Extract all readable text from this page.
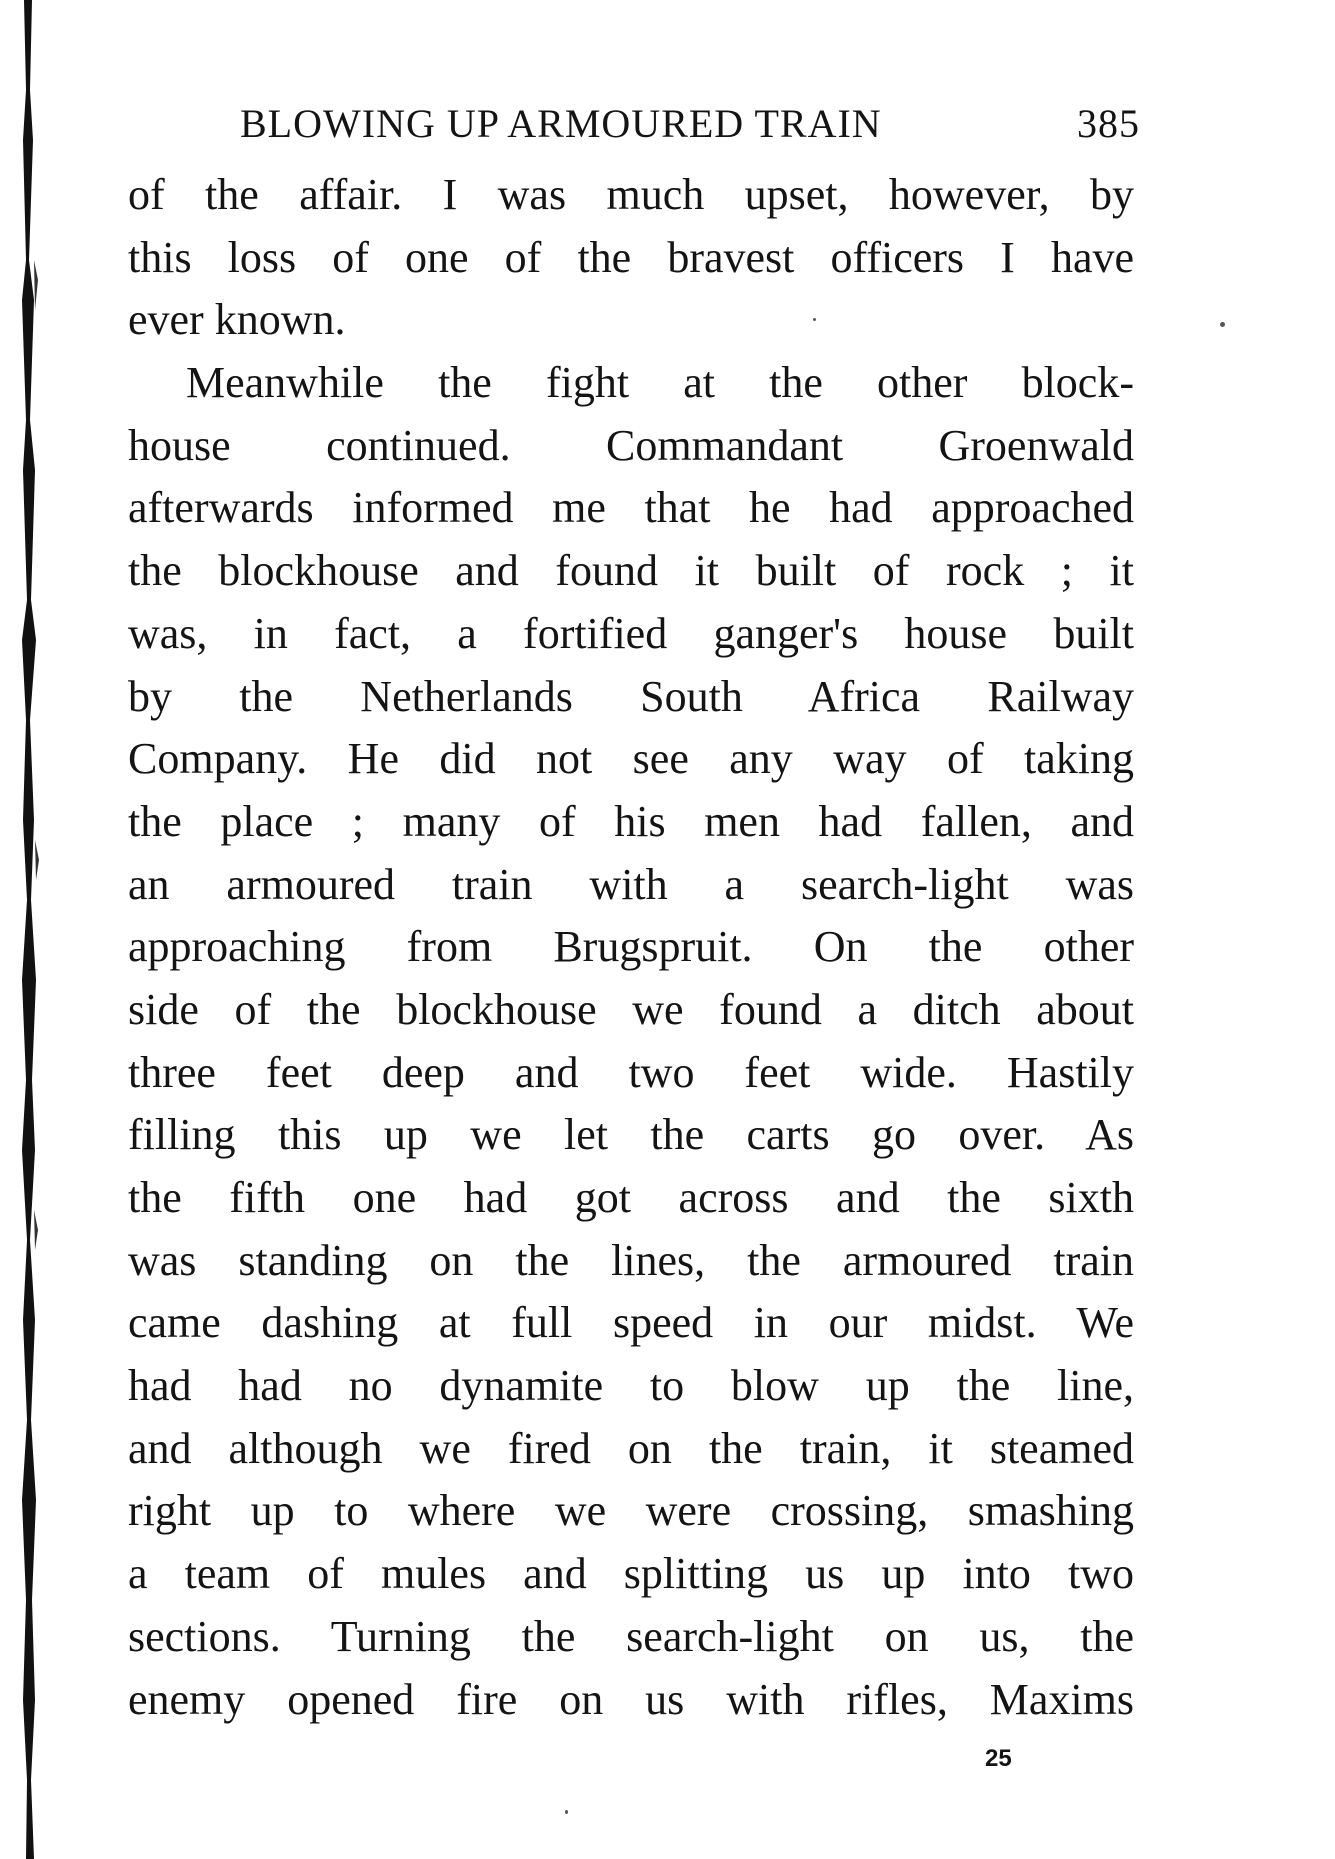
BLOWING UP ARMOURED TRAIN	385
of the affair. I was much upset, however, by
this loss of one of the bravest officers I have
ever known.
Meanwhile the fight at the other block-
house continued. Commandant Groenwald
afterwards informed me that he had approached
the blockhouse and found it built of rock ; it
was, in fact, a fortified ganger's house built
by the Netherlands South Africa Railway
Company. He did not see any way of taking
the place ; many of his men had fallen, and
an armoured train with a search-light was
approaching from Brugspruit. On the other
side of the blockhouse we found a ditch about
three feet deep and two feet wide. Hastily
filling this up we let the carts go over. As
the fifth one had got across and the sixth
was standing on the lines, the armoured train
came dashing at full speed in our midst. We
had had no dynamite to blow up the line,
and although we fired on the train, it steamed
right up to where we were crossing, smashing
a team of mules and splitting us up into two
sections. Turning the search-light on us, the
enemy opened fire on us with rifles, Maxims
25
